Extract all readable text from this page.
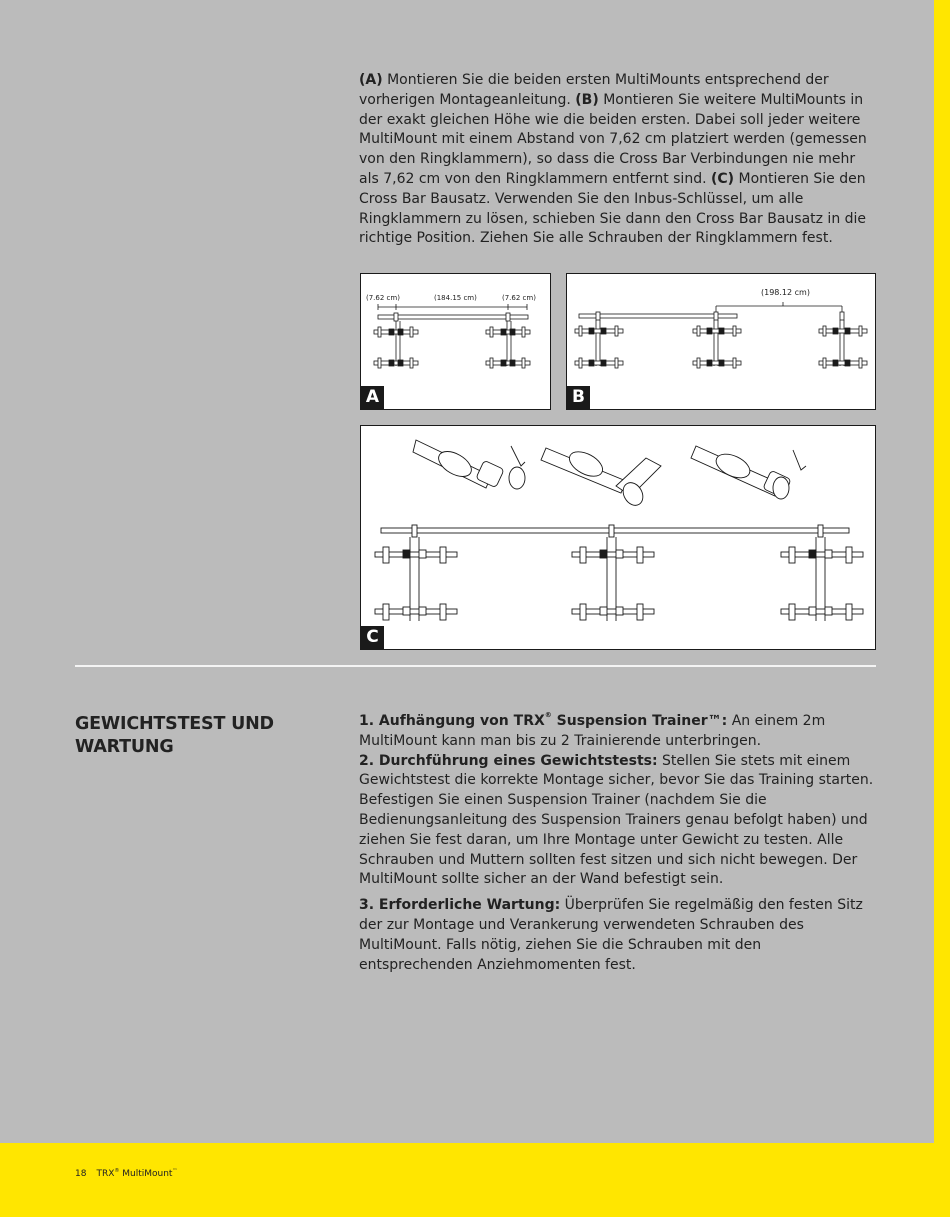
(A) Montieren Sie die beiden ersten MultiMounts entsprechend der vorherigen Montageanleitung. (B) Montieren Sie weitere MultiMounts in der exakt gleichen Höhe wie die beiden ersten. Dabei soll jeder weitere MultiMount mit einem Abstand von 7,62 cm platziert werden (gemessen von den Ringklammern), so dass die Cross Bar Verbindungen nie mehr als 7,62 cm von den Ringklammern entfernt sind. (C) Montieren Sie den Cross Bar Bausatz. Verwenden Sie den Inbus-Schlüssel, um alle Ringklammern zu lösen, schieben Sie dann den Cross Bar Bausatz in die richtige Position. Ziehen Sie alle Schrauben der Ringklammern fest.

(7.62 cm)	(184.15 cm)	(7.62 cm)
A
(198.12 cm)
B
C
GEWICHTSTEST UND WARTUNG

1. Aufhängung von TRX® Suspension Trainer™: An einem 2m MultiMount kann man bis zu 2 Trainierende unterbringen.
2. Durchführung eines Gewichtstests: Stellen Sie stets mit einem Gewichtstest die korrekte Montage sicher, bevor Sie das Training starten. Befestigen Sie einen Suspension Trainer (nachdem Sie die Bedienungsanleitung des Suspension Trainers genau befolgt haben) und ziehen Sie fest daran, um Ihre Montage unter Gewicht zu testen. Alle Schrauben und Muttern sollten fest sitzen und sich nicht bewegen. Der MultiMount sollte sicher an der Wand befestigt sein.

3. Erforderliche Wartung: Überprüfen Sie regelmäßig den festen Sitz der zur Montage und Verankerung verwendeten Schrauben des MultiMount. Falls nötig, ziehen Sie die Schrauben mit den entsprechenden Anziehmomenten fest.

18 TRX® MultiMount™
